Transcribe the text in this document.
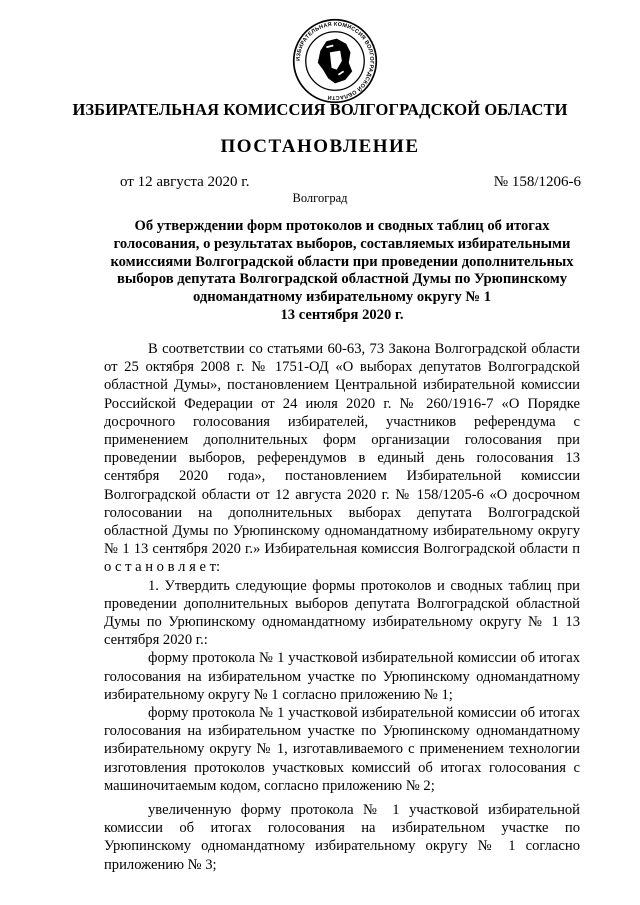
ИЗБИРАТЕЛЬНАЯ КОМИССИЯ ВОЛГОГРАДСКОЙ ОБЛАСТИ
ИЗБИРАТЕЛЬНАЯ КОМИССИЯ ВОЛГОГРАДСКОЙ ОБЛАСТИ
ПОСТАНОВЛЕНИЕ
от 12 августа 2020 г.	№ 158/1206-6
Волгоград
Об утверждении форм протоколов и сводных таблиц об итогах
голосования, о результатах выборов, составляемых избирательными
комиссиями Волгоградской области при проведении дополнительных
выборов депутата Волгоградской областной Думы по Урюпинскому
одномандатному избирательному округу № 1
13 сентября 2020 г.

В соответствии со статьями 60-63, 73 Закона Волгоградской области от 25 октября 2008 г. № 1751-ОД «О выборах депутатов Волгоградской областной Думы», постановлением Центральной избирательной комиссии Российской Федерации от 24 июля 2020 г. № 260/1916-7 «О Порядке досрочного голосования избирателей, участников референдума с применением дополнительных форм организации голосования при проведении выборов, референдумов в единый день голосования 13 сентября 2020 года», постановлением Избирательной комиссии Волгоградской области от 12 августа 2020 г. № 158/1205-6 «О досрочном голосовании на дополнительных выборах депутата Волгоградской областной Думы по Урюпинскому одномандатному избирательному округу № 1 13 сентября 2020 г.» Избирательная комиссия Волгоградской области п о с т а н о в л я е т:

1. Утвердить следующие формы протоколов и сводных таблиц при проведении дополнительных выборов депутата Волгоградской областной Думы по Урюпинскому одномандатному избирательному округу № 1 13 сентября 2020 г.:

форму протокола № 1 участковой избирательной комиссии об итогах голосования на избирательном участке по Урюпинскому одномандатному избирательному округу № 1 согласно приложению № 1;

форму протокола № 1 участковой избирательной комиссии об итогах голосования на избирательном участке по Урюпинскому одномандатному избирательному округу № 1, изготавливаемого с применением технологии изготовления протоколов участковых комиссий об итогах голосования с машиночитаемым кодом, согласно приложению № 2;

увеличенную форму протокола № 1 участковой избирательной комиссии об итогах голосования на избирательном участке по Урюпинскому одномандатному избирательному округу № 1 согласно приложению № 3;
